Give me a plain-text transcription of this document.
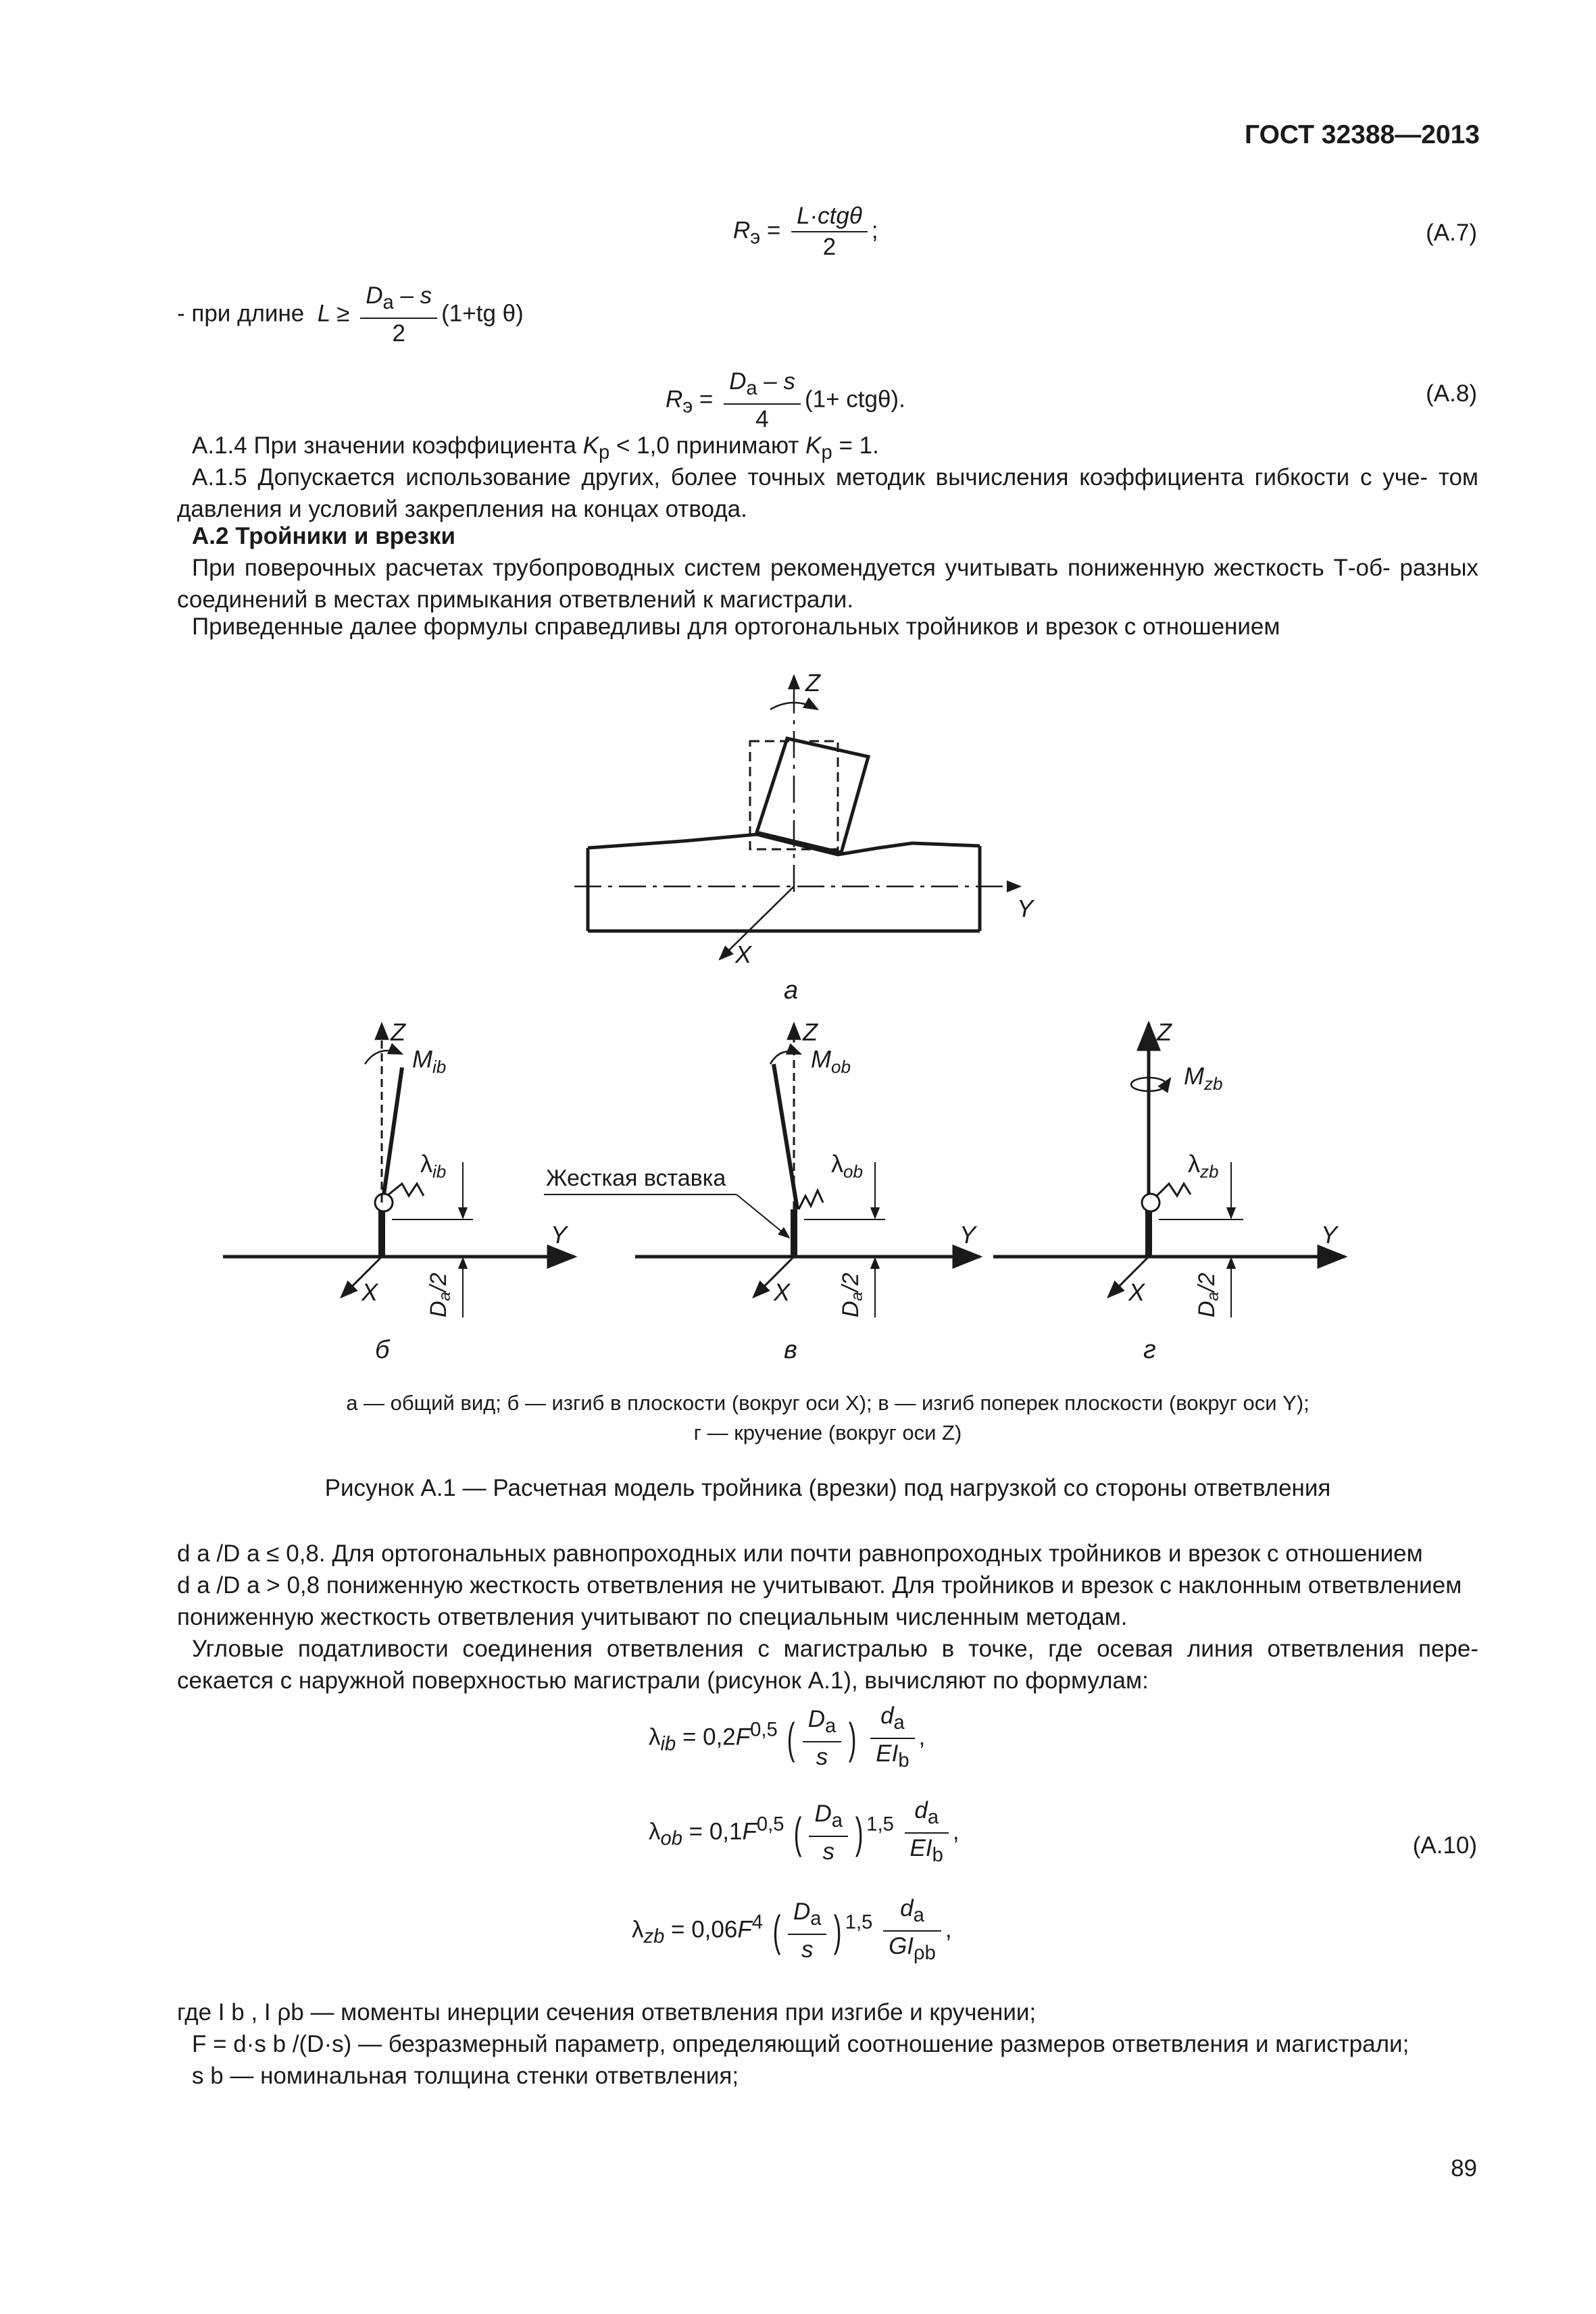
ГОСТ 32388—2013
$R_э = \frac{\text{L·ctgθ}}{2}$ ;	(A.7)
- при длине $L \ge \frac{D_a - s}{2} (1+tg$ θ)
$R_э = \frac{D_a - s}{4} (1+ ctg\theta)$.	(A.8)
A.1.4 При значении коэффициента $K_p < 1,0$ принимают $K_p = 1$.
A.1.5 Допускается использование других, более точных методик вычисления коэффициента гибкости с уче- том давления и условий закрепления на концах отвода.
A.2 Тройники и врезки
При поверочных расчетах трубопроводных систем рекомендуется учитывать пониженную жесткость Т-об- разных соединений в местах примыкания ответвлений к магистрали.
Приведенные далее формулы справедливы для ортогональных тройников и врезок с отношением
Z
Y
X
а
Z
$M_{ib}$
$\lambda_{ib}$
Y
X
Da/2
б
Z
$M_{ob}$
$\lambda_{ob}$
Жесткая вставка
Y
X
Da/2
в
Z
$M_{zb}$
$\lambda_{zb}$
Y
X
Da/2
г
а — общий вид; б — изгиб в плоскости (вокруг оси X); в — изгиб поперек плоскости (вокруг оси Y);
г — кручение (вокруг оси Z)
Рисунок A.1 — Расчетная модель тройника (врезки) под нагрузкой со стороны ответвления
d a /D a ≤ 0,8. Для ортогональных равнопроходных или почти равнопроходных тройников и врезок с отношением
d a /D a > 0,8 пониженную жесткость ответвления не учитывают. Для тройников и врезок с наклонным ответвлением
пониженную жесткость ответвления учитывают по специальным численным методам.
Угловые податливости соединения ответвления с магистралью в точке, где осевая линия ответвления пере- секается с наружной поверхностью магистрали (рисунок A.1), вычисляют по формулам:
$\lambda_{ib} = 0,2F^{0,5}$ ( $\frac{D_a}{s}$ ) $\frac{d_a}{EI_b}$ ,
$\lambda_{ob} = 0,1F^{0,5}$ ( $\frac{D_a}{s}$ ) $^{1,5} \frac{d_a}{EI_b}$ ,
(A.10)
$\lambda_{zb} = 0,06F^4$ ( $\frac{D_a}{s}$ ) $^{1,5} \frac{d_a}{GI_{\rho b}}$ ,
где I b , I ρb — моменты инерции сечения ответвления при изгибе и кручении;
F = d·s b /(D·s) — безразмерный параметр, определяющий соотношение размеров ответвления и магистрали;
s b — номинальная толщина стенки ответвления;
89
